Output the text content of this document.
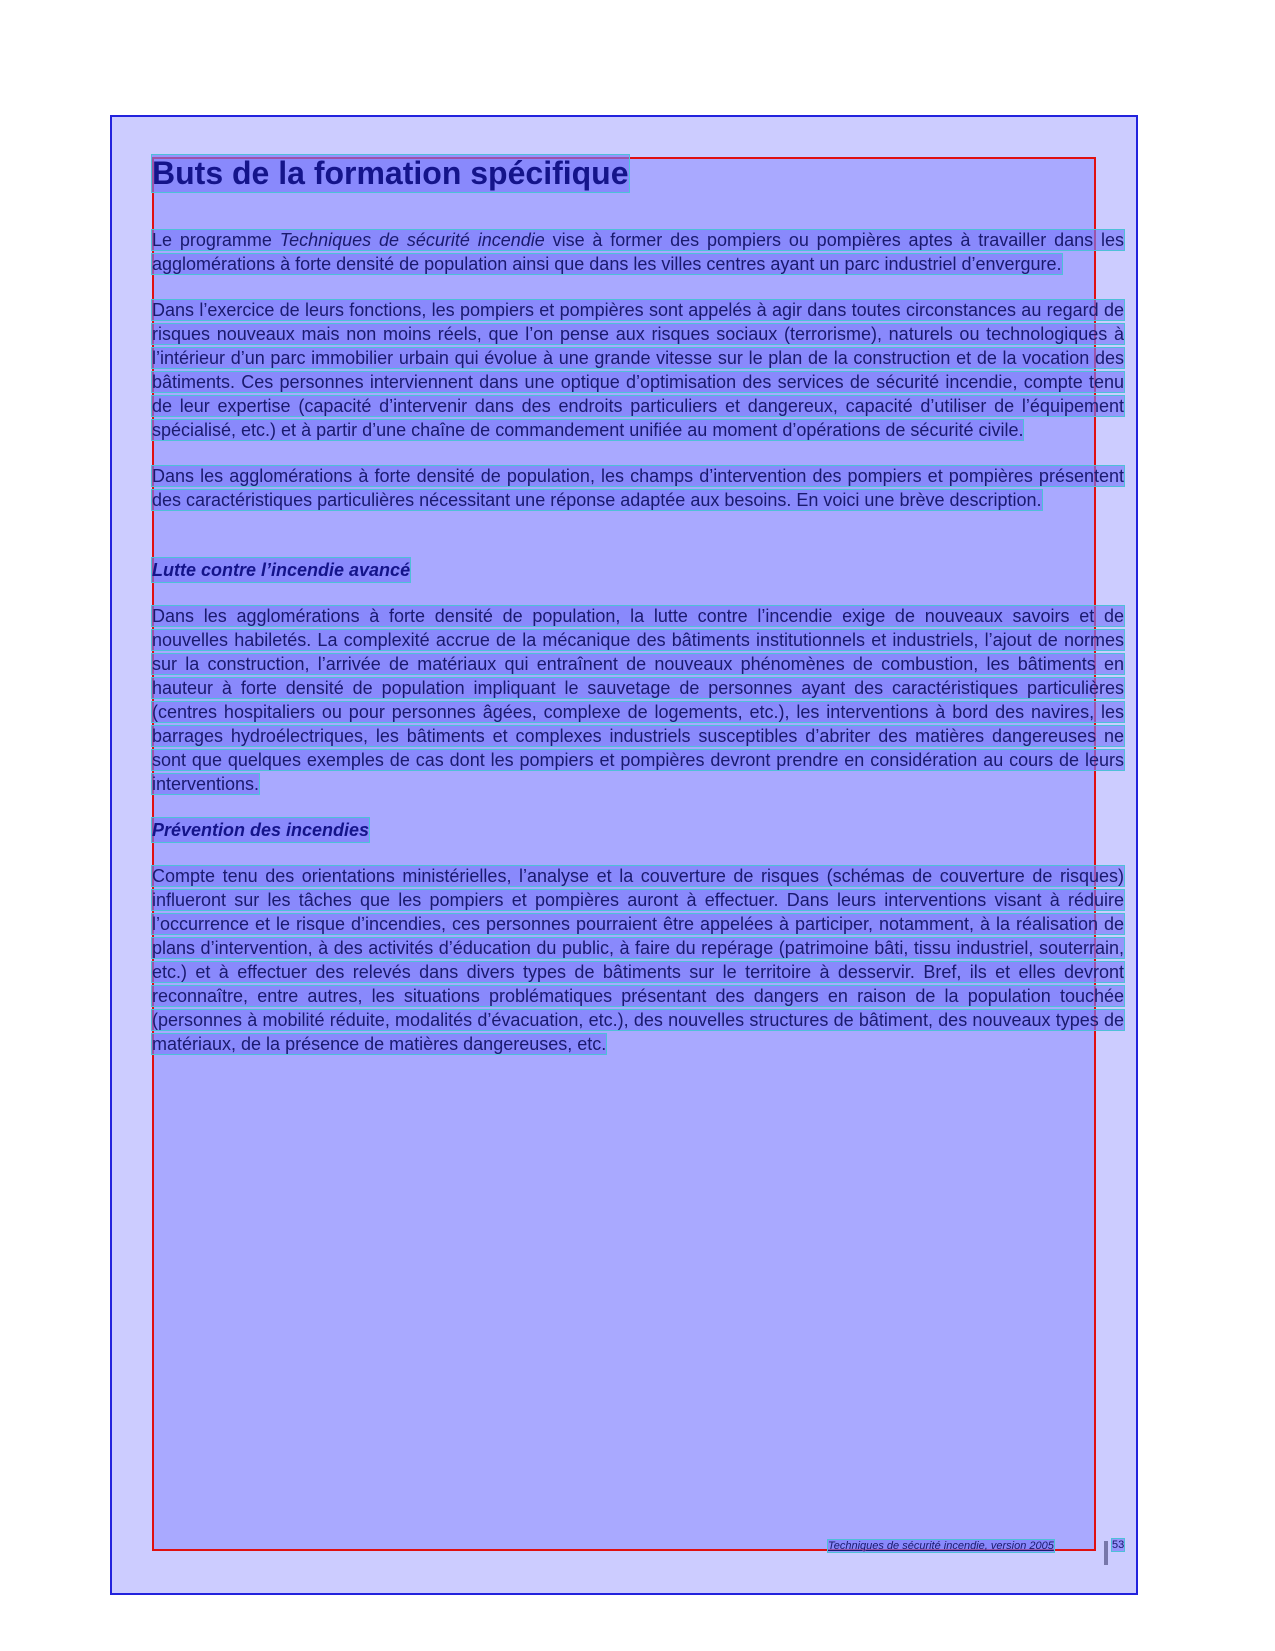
Buts de la formation spécifique

Le programme Techniques de sécurité incendie vise à former des pompiers ou pompières aptes à travailler dans les agglomérations à forte densité de population ainsi que dans les villes centres ayant un parc industriel d’envergure.

Dans l’exercice de leurs fonctions, les pompiers et pompières sont appelés à agir dans toutes circonstances au regard de risques nouveaux mais non moins réels, que l’on pense aux risques sociaux (terrorisme), naturels ou technologiques à l’intérieur d’un parc immobilier urbain qui évolue à une grande vitesse sur le plan de la construction et de la vocation des bâtiments. Ces personnes interviennent dans une optique d’optimisation des services de sécurité incendie, compte tenu de leur expertise (capacité d’intervenir dans des endroits particuliers et dangereux, capacité d’utiliser de l’équipement spécialisé, etc.) et à partir d’une chaîne de commandement unifiée au moment d’opérations de sécurité civile.

Dans les agglomérations à forte densité de population, les champs d’intervention des pompiers et pompières présentent des caractéristiques particulières nécessitant une réponse adaptée aux besoins. En voici une brève description.

Lutte contre l’incendie avancé

Dans les agglomérations à forte densité de population, la lutte contre l’incendie exige de nouveaux savoirs et de nouvelles habiletés. La complexité accrue de la mécanique des bâtiments institutionnels et industriels, l’ajout de normes sur la construction, l’arrivée de matériaux qui entraînent de nouveaux phénomènes de combustion, les bâtiments en hauteur à forte densité de population impliquant le sauvetage de personnes ayant des caractéristiques particulières (centres hospitaliers ou pour personnes âgées, complexe de logements, etc.), les interventions à bord des navires, les barrages hydroélectriques, les bâtiments et complexes industriels susceptibles d’abriter des matières dangereuses ne sont que quelques exemples de cas dont les pompiers et pompières devront prendre en considération au cours de leurs interventions.

Prévention des incendies

Compte tenu des orientations ministérielles, l’analyse et la couverture de risques (schémas de couverture de risques) influeront sur les tâches que les pompiers et pompières auront à effectuer. Dans leurs interventions visant à réduire l’occurrence et le risque d’incendies, ces personnes pourraient être appelées à participer, notamment, à la réalisation de plans d’intervention, à des activités d’éducation du public, à faire du repérage (patrimoine bâti, tissu industriel, souterrain, etc.) et à effectuer des relevés dans divers types de bâtiments sur le territoire à desservir. Bref, ils et elles devront reconnaître, entre autres, les situations problématiques présentant des dangers en raison de la population touchée (personnes à mobilité réduite, modalités d’évacuation, etc.), des nouvelles structures de bâtiment, des nouveaux types de matériaux, de la présence de matières dangereuses, etc.

Techniques de sécurité incendie, version 2005	53
